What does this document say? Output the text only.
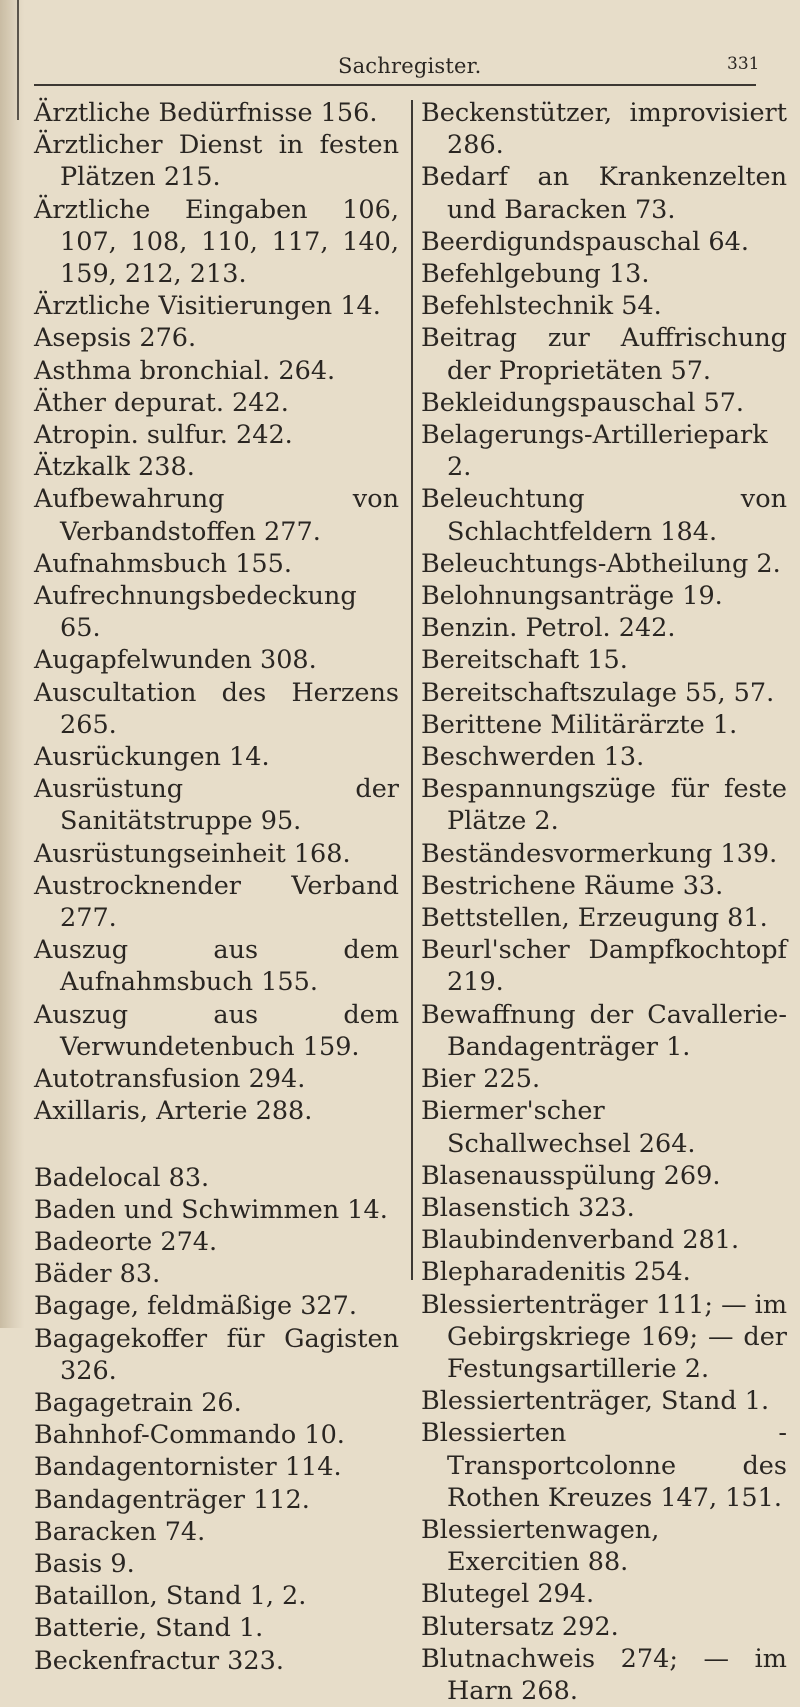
Sachregister.	331
Ärztliche Bedürfnisse 156.
Ärztlicher Dienst in festen Plätzen 215.
Ärztliche Eingaben 106, 107, 108, 110, 117, 140, 159, 212, 213.
Ärztliche Visitierungen 14.
Asepsis 276.
Asthma bronchial. 264.
Äther depurat. 242.
Atropin. sulfur. 242.
Ätzkalk 238.
Aufbewahrung von Verbandstoffen 277.
Aufnahmsbuch 155.
Aufrechnungsbedeckung 65.
Augapfelwunden 308.
Auscultation des Herzens 265.
Ausrückungen 14.
Ausrüstung der Sanitätstruppe 95.
Ausrüstungseinheit 168.
Austrocknender Verband 277.
Auszug aus dem Aufnahmsbuch 155.
Auszug aus dem Verwundetenbuch 159.
Autotransfusion 294.
Axillaris, Arterie 288.
Badelocal 83.
Baden und Schwimmen 14.
Badeorte 274.
Bäder 83.
Bagage, feldmäßige 327.
Bagagekoffer für Gagisten 326.
Bagagetrain 26.
Bahnhof-Commando 10.
Bandagentornister 114.
Bandagenträger 112.
Baracken 74.
Basis 9.
Bataillon, Stand 1, 2.
Batterie, Stand 1.
Beckenfractur 323.
Beckenstützer, improvisiert 286.
Bedarf an Krankenzelten und Baracken 73.
Beerdigundspauschal 64.
Befehlgebung 13.
Befehlstechnik 54.
Beitrag zur Auffrischung der Proprietäten 57.
Bekleidungspauschal 57.
Belagerungs-Artilleriepark 2.
Beleuchtung von Schlachtfeldern 184.
Beleuchtungs-Abtheilung 2.
Belohnungsanträge 19.
Benzin. Petrol. 242.
Bereitschaft 15.
Bereitschaftszulage 55, 57.
Berittene Militärärzte 1.
Beschwerden 13.
Bespannungszüge für feste Plätze 2.
Beständesvormerkung 139.
Bestrichene Räume 33.
Bettstellen, Erzeugung 81.
Beurl'scher Dampfkochtopf 219.
Bewaffnung der Cavallerie-Bandagenträger 1.
Bier 225.
Biermer'scher Schallwechsel 264.
Blasenausspülung 269.
Blasenstich 323.
Blaubindenverband 281.
Blepharadenitis 254.
Blessiertenträger 111; — im Gebirgskriege 169; — der Festungsartillerie 2.
Blessiertenträger, Stand 1.
Blessierten - Transportcolonne des Rothen Kreuzes 147, 151.
Blessiertenwagen, Exercitien 88.
Blutegel 294.
Blutersatz 292.
Blutnachweis 274; — im Harn 268.
